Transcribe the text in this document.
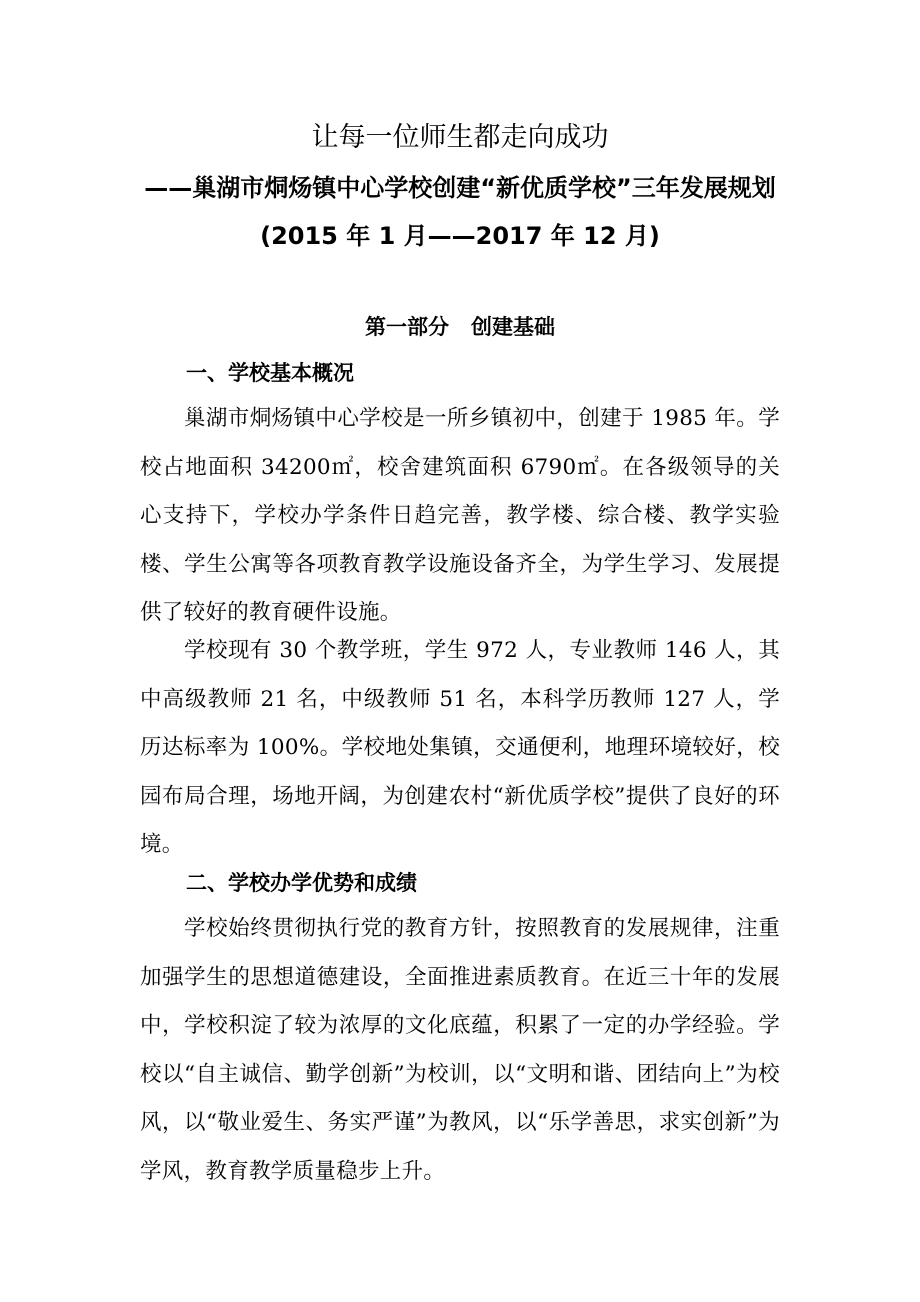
让每一位师生都走向成功
——巢湖市烔炀镇中心学校创建“新优质学校”三年发展规划
(2015 年 1 月——2017 年 12 月)
第一部分 创建基础
一、学校基本概况
巢湖市烔炀镇中心学校是一所乡镇初中，创建于 1985 年。学校占地面积 34200㎡，校舍建筑面积 6790㎡。在各级领导的关心支持下，学校办学条件日趋完善，教学楼、综合楼、教学实验楼、学生公寓等各项教育教学设施设备齐全，为学生学习、发展提供了较好的教育硬件设施。
学校现有 30 个教学班，学生 972 人，专业教师 146 人，其中高级教师 21 名，中级教师 51 名，本科学历教师 127 人，学历达标率为 100%。学校地处集镇，交通便利，地理环境较好，校园布局合理，场地开阔，为创建农村“新优质学校”提供了良好的环境。
二、学校办学优势和成绩
学校始终贯彻执行党的教育方针，按照教育的发展规律，注重加强学生的思想道德建设，全面推进素质教育。在近三十年的发展中，学校积淀了较为浓厚的文化底蕴，积累了一定的办学经验。学校以“自主诚信、勤学创新”为校训，以“文明和谐、团结向上”为校风，以“敬业爱生、务实严谨”为教风，以“乐学善思，求实创新”为学风，教育教学质量稳步上升。
